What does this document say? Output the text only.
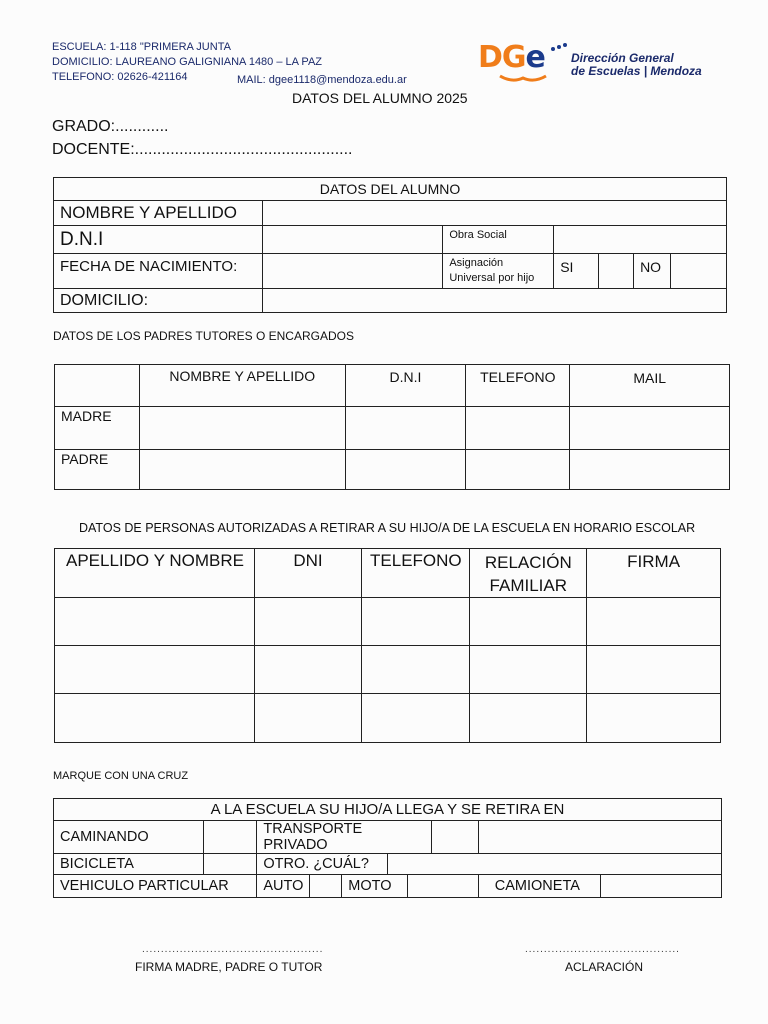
ESCUELA: 1-118 "PRIMERA JUNTA
DOMICILIO: LAUREANO GALIGNIANA 1480 – LA PAZ
TELEFONO: 02626-421164	MAIL: dgee1118@mendoza.edu.ar
DGe Dirección General
de Escuelas | Mendoza
DATOS DEL ALUMNO 2025
GRADO:............
DOCENTE:.................................................
DATOS DEL ALUMNO						
NOMBRE Y APELLIDO						
D.N.I		Obra Social				
FECHA DE NACIMIENTO:		Asignación Universal por hijo	SI		NO	
DOMICILIO:						
DATOS DE LOS PADRES TUTORES O ENCARGADOS
	NOMBRE Y APELLIDO	D.N.I	TELEFONO	MAIL
MADRE				
PADRE				
DATOS DE PERSONAS AUTORIZADAS A RETIRAR A SU HIJO/A DE LA ESCUELA EN HORARIO ESCOLAR
APELLIDO Y NOMBRE	DNI	TELEFONO	RELACIÓN FAMILIAR	FIRMA

MARQUE CON UNA CRUZ
A LA ESCUELA SU HIJO/A LLEGA Y SE RETIRA EN									
CAMINANDO		TRANSPORTE PRIVADO							
BICICLETA		OTRO. ¿CUÁL?							
VEHICULO PARTICULAR		AUTO		MOTO				CAMIONETA	
................................................
FIRMA MADRE, PADRE O TUTOR
.........................................
ACLARACIÓN
